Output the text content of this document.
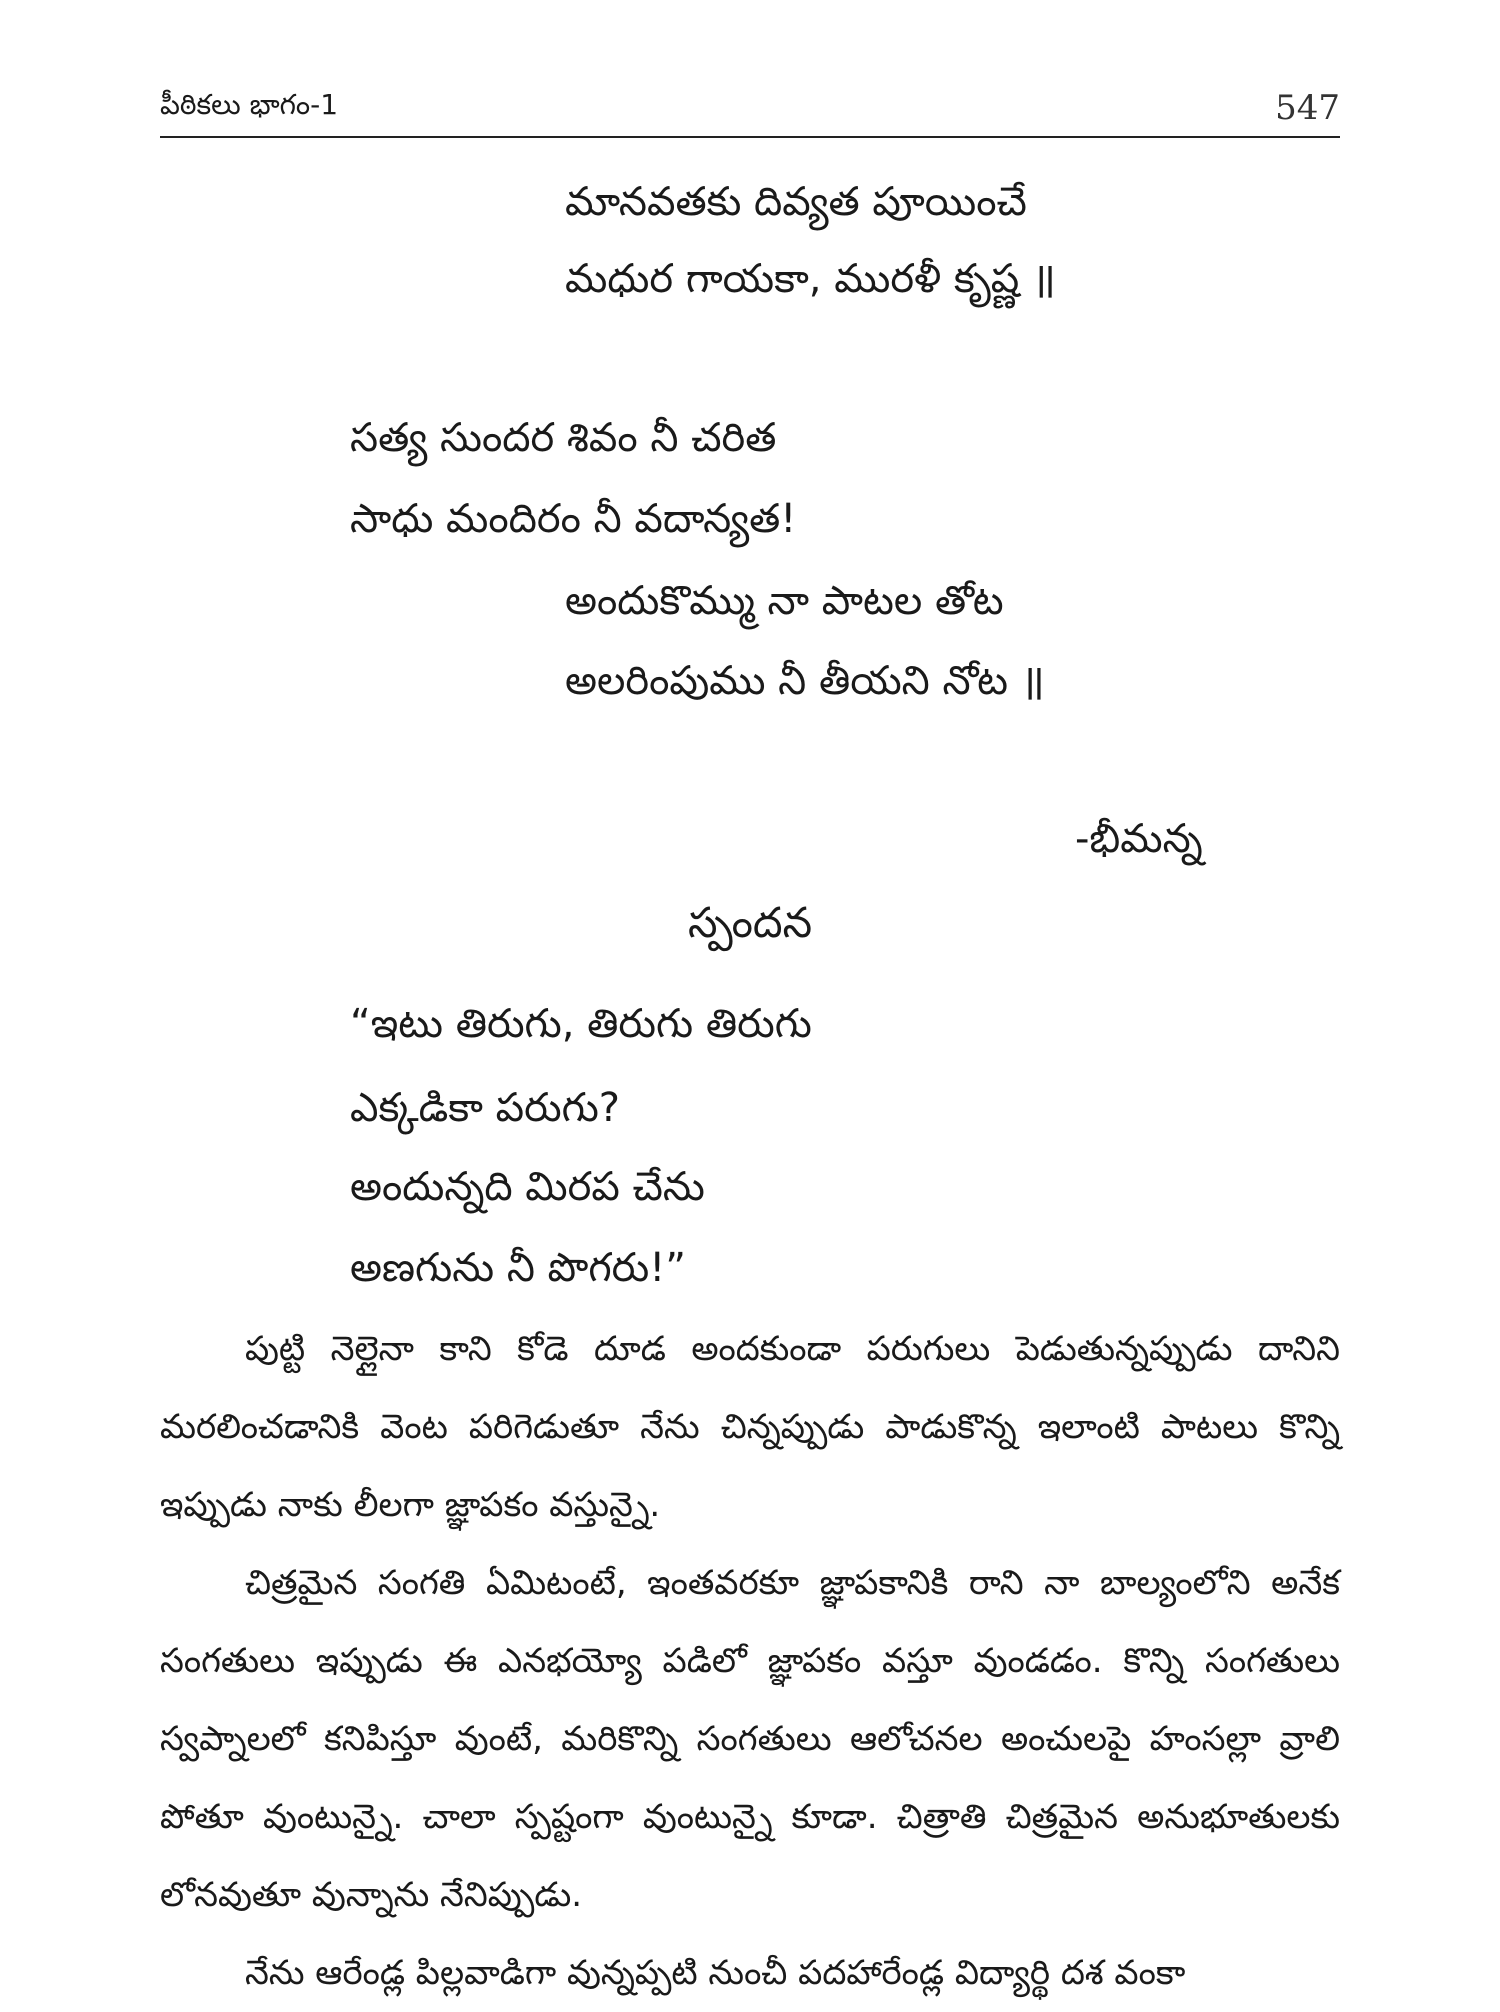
పీఠికలు భాగం-1	547
మానవతకు దివ్యత పూయించే
మధుర గాయకా, మురళీ కృష్ణ ॥
సత్య సుందర శివం నీ చరిత
సాధు మందిరం నీ వదాన్యత!
అందుకొమ్ము నా పాటల తోట
అలరింపుము నీ తీయని నోట ॥
-భీమన్న
స్పందన
“ఇటు తిరుగు, తిరుగు తిరుగు
ఎక్కడికా పరుగు?
అందున్నది మిరప చేను
అణగును నీ పొగరు!”

పుట్టి నెల్లైనా కాని కోడె దూడ అందకుండా పరుగులు పెడుతున్నప్పుడు దానిని మరలించడానికి వెంట పరిగెడుతూ నేను చిన్నప్పుడు పాడుకొన్న ఇలాంటి పాటలు కొన్ని ఇప్పుడు నాకు లీలగా జ్ఞాపకం వస్తున్నై.

చిత్రమైన సంగతి ఏమిటంటే, ఇంతవరకూ జ్ఞాపకానికి రాని నా బాల్యంలోని అనేక సంగతులు ఇప్పుడు ఈ ఎనభయ్యో పడిలో జ్ఞాపకం వస్తూ వుండడం. కొన్ని సంగతులు స్వప్నాలలో కనిపిస్తూ వుంటే, మరికొన్ని సంగతులు ఆలోచనల అంచులపై హంసల్లా వ్రాలి పోతూ వుంటున్నై. చాలా స్పష్టంగా వుంటున్నై కూడా. చిత్రాతి చిత్రమైన అనుభూతులకు లోనవుతూ వున్నాను నేనిప్పుడు.

నేను ఆరేండ్ల పిల్లవాడిగా వున్నప్పటి నుంచీ పదహారేండ్ల విద్యార్థి దశ వంకా
